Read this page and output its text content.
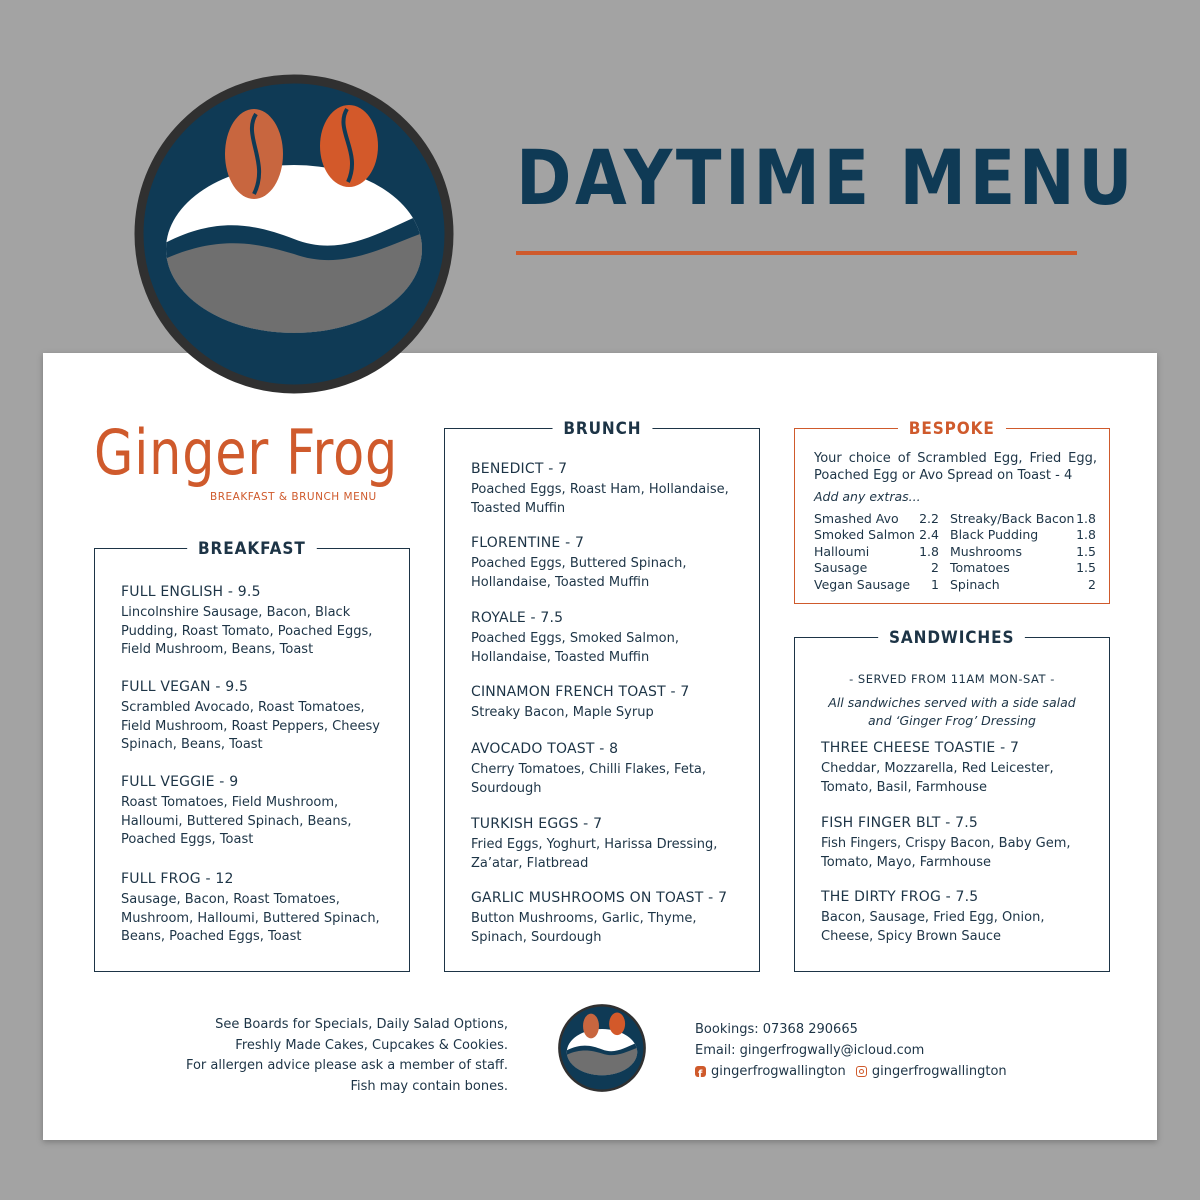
DAYTIME MENU
Ginger Frog
BREAKFAST & BRUNCH MENU
BREAKFAST
FULL ENGLISH - 9.5
Lincolnshire Sausage, Bacon, Black Pudding, Roast Tomato, Poached Eggs, Field Mushroom, Beans, Toast
FULL VEGAN - 9.5
Scrambled Avocado, Roast Tomatoes, Field Mushroom, Roast Peppers, Cheesy Spinach, Beans, Toast
FULL VEGGIE - 9
Roast Tomatoes, Field Mushroom, Halloumi, Buttered Spinach, Beans, Poached Eggs, Toast
FULL FROG - 12
Sausage, Bacon, Roast Tomatoes, Mushroom, Halloumi, Buttered Spinach, Beans, Poached Eggs, Toast
BRUNCH
BENEDICT - 7
Poached Eggs, Roast Ham, Hollandaise, Toasted Muffin
FLORENTINE - 7
Poached Eggs, Buttered Spinach, Hollandaise, Toasted Muffin
ROYALE - 7.5
Poached Eggs, Smoked Salmon, Hollandaise, Toasted Muffin
CINNAMON FRENCH TOAST - 7
Streaky Bacon, Maple Syrup
AVOCADO TOAST - 8
Cherry Tomatoes, Chilli Flakes, Feta, Sourdough
TURKISH EGGS - 7
Fried Eggs, Yoghurt, Harissa Dressing, Za’atar, Flatbread
GARLIC MUSHROOMS ON TOAST - 7
Button Mushrooms, Garlic, Thyme, Spinach, Sourdough
BESPOKE
Your choice of Scrambled Egg, Fried Egg, Poached Egg or Avo Spread on Toast - 4
Add any extras...
Smashed Avo 2.2
Smoked Salmon 2.4
Halloumi	1.8
Sausage	2
Vegan Sausage 1
Streaky/Back Bacon 1.8
Black Pudding	1.8
Mushrooms	1.5
Tomatoes	1.5
Spinach	2
SANDWICHES
- SERVED FROM 11AM MON-SAT -
All sandwiches served with a side salad
and ‘Ginger Frog’ Dressing
THREE CHEESE TOASTIE - 7
Cheddar, Mozzarella, Red Leicester, Tomato, Basil, Farmhouse
FISH FINGER BLT - 7.5
Fish Fingers, Crispy Bacon, Baby Gem, Tomato, Mayo, Farmhouse
THE DIRTY FROG - 7.5
Bacon, Sausage, Fried Egg, Onion, Cheese, Spicy Brown Sauce
See Boards for Specials, Daily Salad Options,
Freshly Made Cakes, Cupcakes & Cookies.
For allergen advice please ask a member of staff.
Fish may contain bones.
Bookings: 07368 290665
Email: gingerfrogwally@icloud.com
f
gingerfrogwallington
gingerfrogwallington
